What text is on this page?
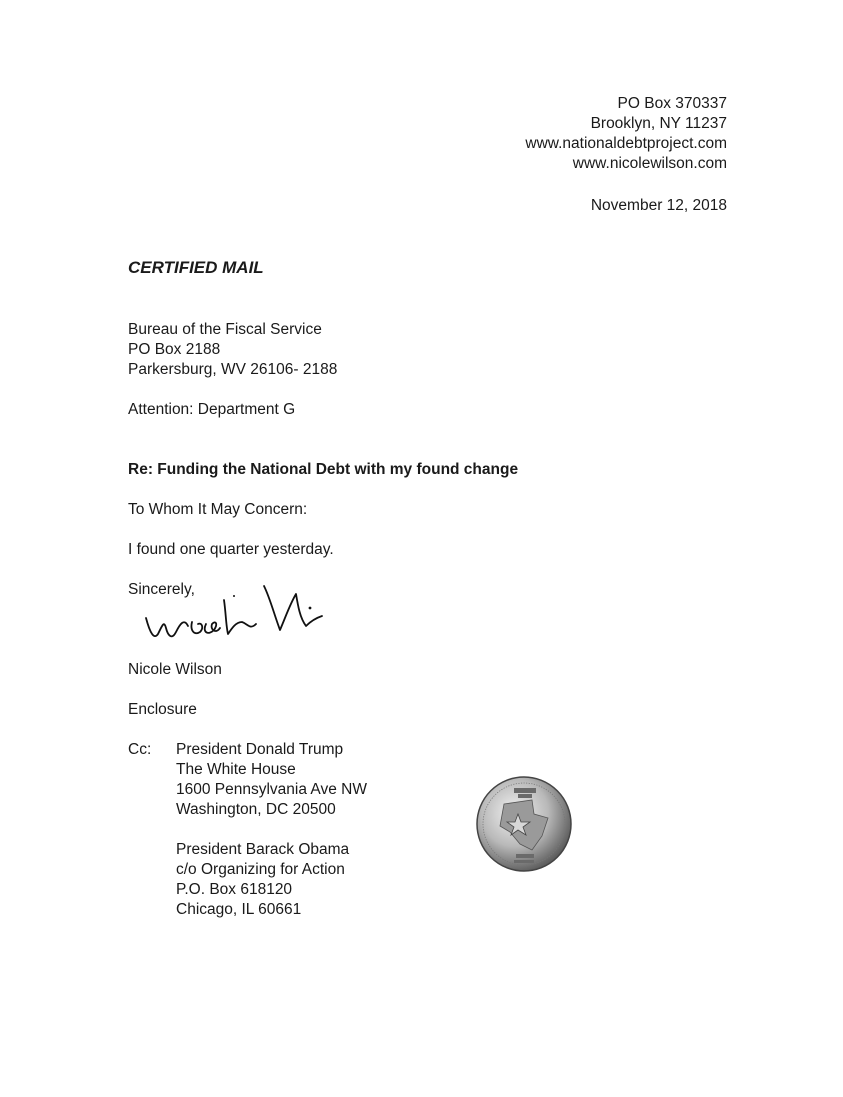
PO Box 370337
Brooklyn, NY 11237
www.nationaldebtproject.com
www.nicolewilson.com
November 12, 2018
CERTIFIED MAIL
Bureau of the Fiscal Service
PO Box 2188
Parkersburg, WV 26106- 2188
Attention: Department G
Re: Funding the National Debt with my found change
To Whom It May Concern:
I found one quarter yesterday.
Sincerely,
Nicole Wilson
Enclosure
Cc: President Donald Trump
The White House
1600 Pennsylvania Ave NW
Washington, DC 20500
President Barack Obama
c/o Organizing for Action
P.O. Box 618120
Chicago, IL 60661
